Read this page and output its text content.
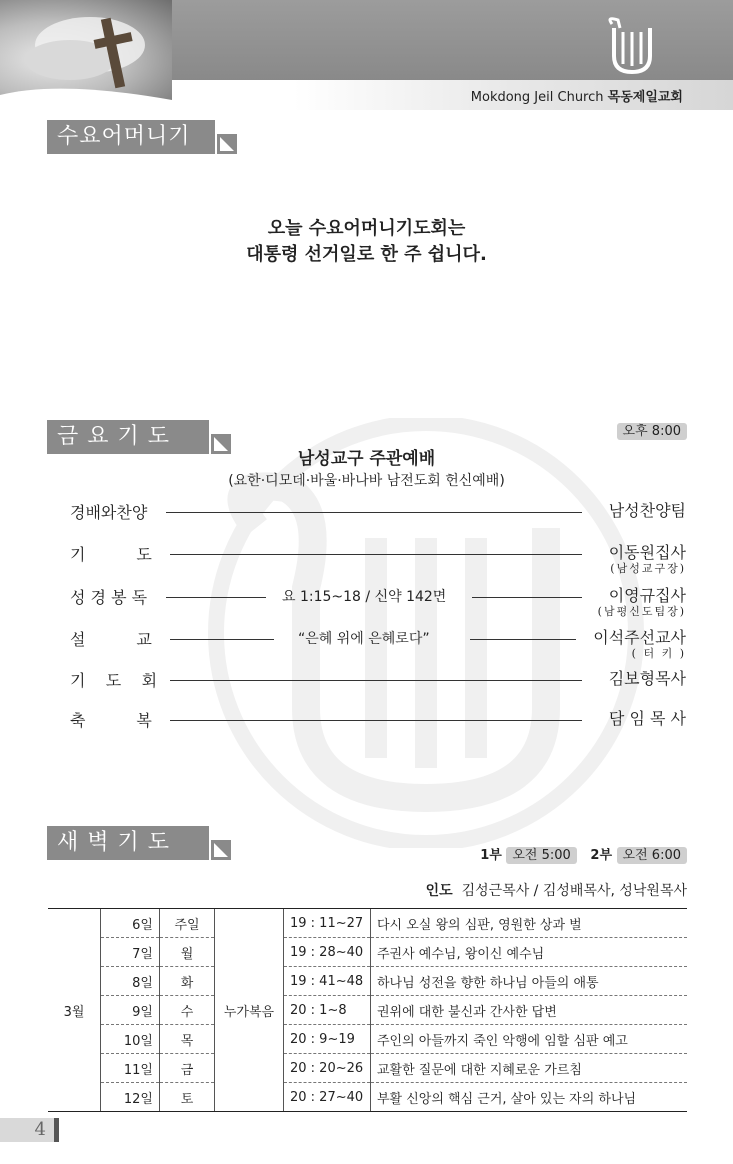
Mokdong Jeil Church 목동제일교회
수요어머니기도회
오늘 수요어머니기도회는
대통령 선거일로 한 주 쉽니다.
금 요 기 도 회
오후 8:00
남성교구 주관예배
(요한·디모데·바울·바나바 남전도회 헌신예배)
경배와찬양	남성찬양팀
기          도	이동원집사
(남성교구장)
성 경 봉 독	요 1:15~18 / 신약 142면	이영규집사
(남평신도팀장)
설          교	“은혜 위에 은혜로다”	이석주선교사
( 터 키 )
기    도    회	김보형목사
축          복	담 임 목 사
새 벽 기 도 회
1부 오전 5:00 2부 오전 6:00
인도 김성근목사 / 김성배목사, 성낙원목사
3월	6일	주일	누가복음	19 : 11~27	다시 오실 왕의 심판, 영원한 상과 벌
	7일	월		19 : 28~40	주권사 예수님, 왕이신 예수님
	8일	화		19 : 41~48	하나님 성전을 향한 하나님 아들의 애통
	9일	수		20 : 1~8	권위에 대한 불신과 간사한 답변
	10일	목		20 : 9~19	주인의 아들까지 죽인 악행에 임할 심판 예고
	11일	금		20 : 20~26	교활한 질문에 대한 지혜로운 가르침
	12일	토		20 : 27~40	부활 신앙의 핵심 근거, 살아 있는 자의 하나님
4
